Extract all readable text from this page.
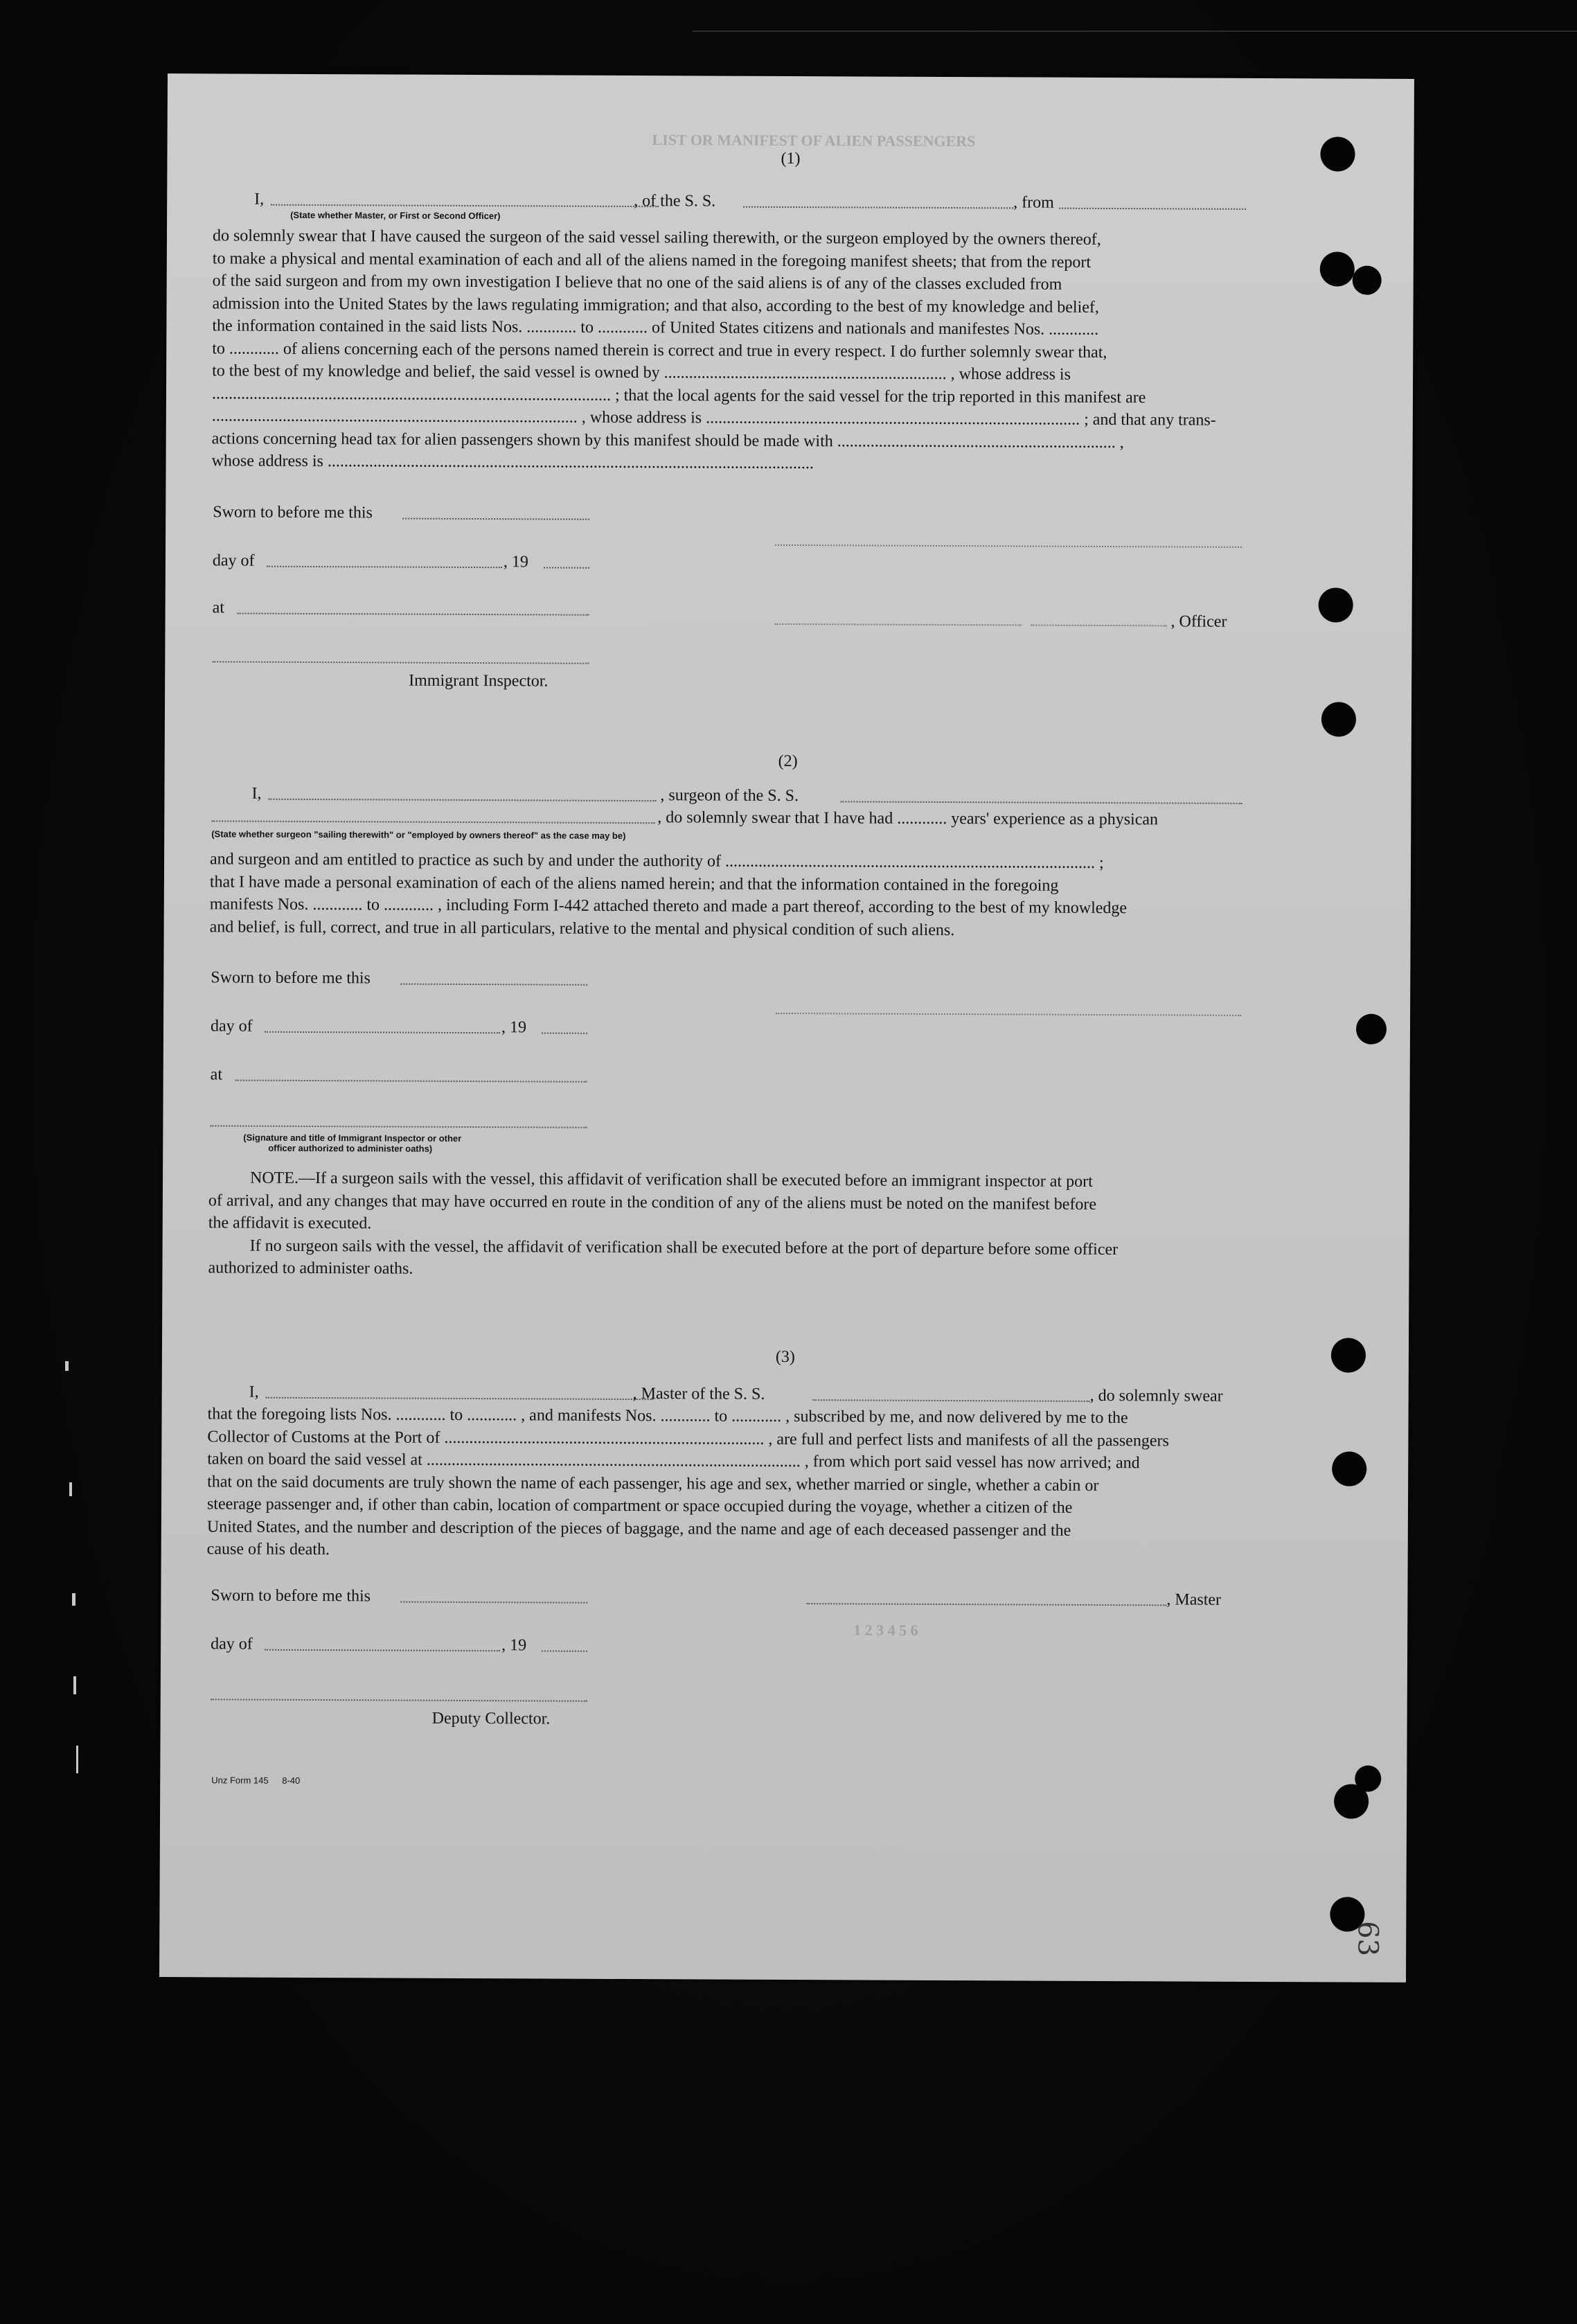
LIST OR MANIFEST OF ALIEN PASSENGERS
1 2 3 4 5 6
63
(1)
I,	, of the S. S.	, from
(State whether Master, or First or Second Officer)

do solemnly swear that I have caused the surgeon of the said vessel sailing therewith, or the surgeon employed by the owners thereof,

to make a physical and mental examination of each and all of the aliens named in the foregoing manifest sheets; that from the report

of the said surgeon and from my own investigation I believe that no one of the said aliens is of any of the classes excluded from

admission into the United States by the laws regulating immigration; and that also, according to the best of my knowledge and belief,

the information contained in the said lists Nos. ............ to ............ of United States citizens and nationals and manifestes Nos. ............

to ............ of aliens concerning each of the persons named therein is correct and true in every respect. I do further solemnly swear that,

to the best of my knowledge and belief, the said vessel is owned by .................................................................... , whose address is

................................................................................................ ; that the local agents for the said vessel for the trip reported in this manifest are

........................................................................................ , whose address is .......................................................................................... ; and that any trans-

actions concerning head tax for alien passengers shown by this manifest should be made with ................................................................... ,

whose address is .....................................................................................................................

Sworn to before me this
day of	, 19
at
, Officer
Immigrant Inspector.
(2)
I,	, surgeon of the S. S.
, do solemnly swear that I have had ............ years' experience as a physican
(State whether surgeon "sailing therewith" or "employed by owners thereof" as the case may be)

and surgeon and am entitled to practice as such by and under the authority of ......................................................................................... ;

that I have made a personal examination of each of the aliens named herein; and that the information contained in the foregoing

manifests Nos. ............ to ............ , including Form I-442 attached thereto and made a part thereof, according to the best of my knowledge

and belief, is full, correct, and true in all particulars, relative to the mental and physical condition of such aliens.

Sworn to before me this
day of	, 19
at
(Signature and title of Immigrant Inspector or other
officer authorized to administer oaths)

NOTE.—If a surgeon sails with the vessel, this affidavit of verification shall be executed before an immigrant inspector at port

of arrival, and any changes that may have occurred en route in the condition of any of the aliens must be noted on the manifest before

the affidavit is executed.

If no surgeon sails with the vessel, the affidavit of verification shall be executed before at the port of departure before some officer

authorized to administer oaths.

(3)
I,	, Master of the S. S.	, do solemnly swear

that the foregoing lists Nos. ............ to ............ , and manifests Nos. ............ to ............ , subscribed by me, and now delivered by me to the

Collector of Customs at the Port of ............................................................................. , are full and perfect lists and manifests of all the passengers

taken on board the said vessel at .......................................................................................... , from which port said vessel has now arrived; and

that on the said documents are truly shown the name of each passenger, his age and sex, whether married or single, whether a cabin or

steerage passenger and, if other than cabin, location of compartment or space occupied during the voyage, whether a citizen of the

United States, and the number and description of the pieces of baggage, and the name and age of each deceased passenger and the

cause of his death.

Sworn to before me this	, Master
day of	, 19
Deputy Collector.
Unz Form 145 8-40
